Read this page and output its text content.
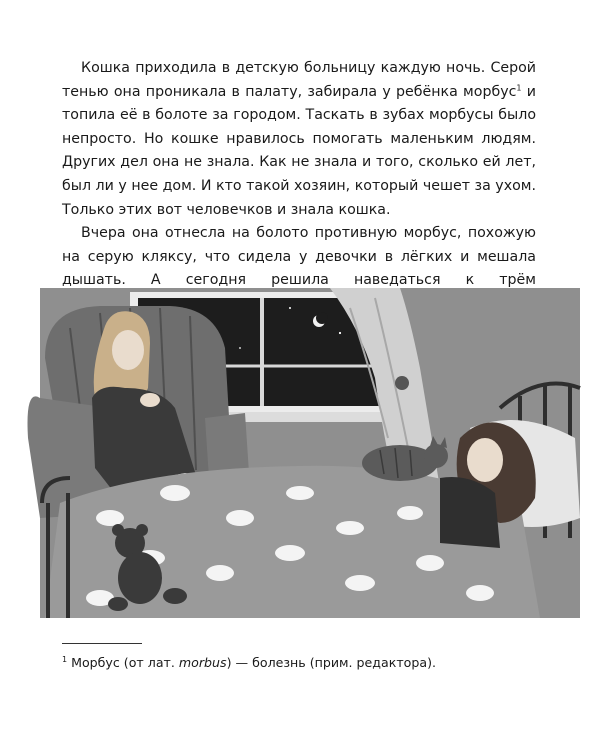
Кошка приходила в детскую больницу каждую ночь. Серой тенью она проникала в палату, забирала у ребёнка морбус$^1$ и топила её в болоте за городом. Таскать в зубах морбусы было непросто. Но кошке нравилось помогать маленьким людям. Других дел она не знала. Как не знала и того, сколько ей лет, был ли у нее дом. И кто такой хозяин, который чешет за ухом. Только этих вот человечков и знала кошка.

Вчера она отнесла на болото противную морбус, похожую на серую кляксу, что сидела у девочки в лёгких и мешала дышать. А сегодня решила наведаться к трём

$^1$ Морбус (от лат. morbus) — болезнь (прим. редактора).
